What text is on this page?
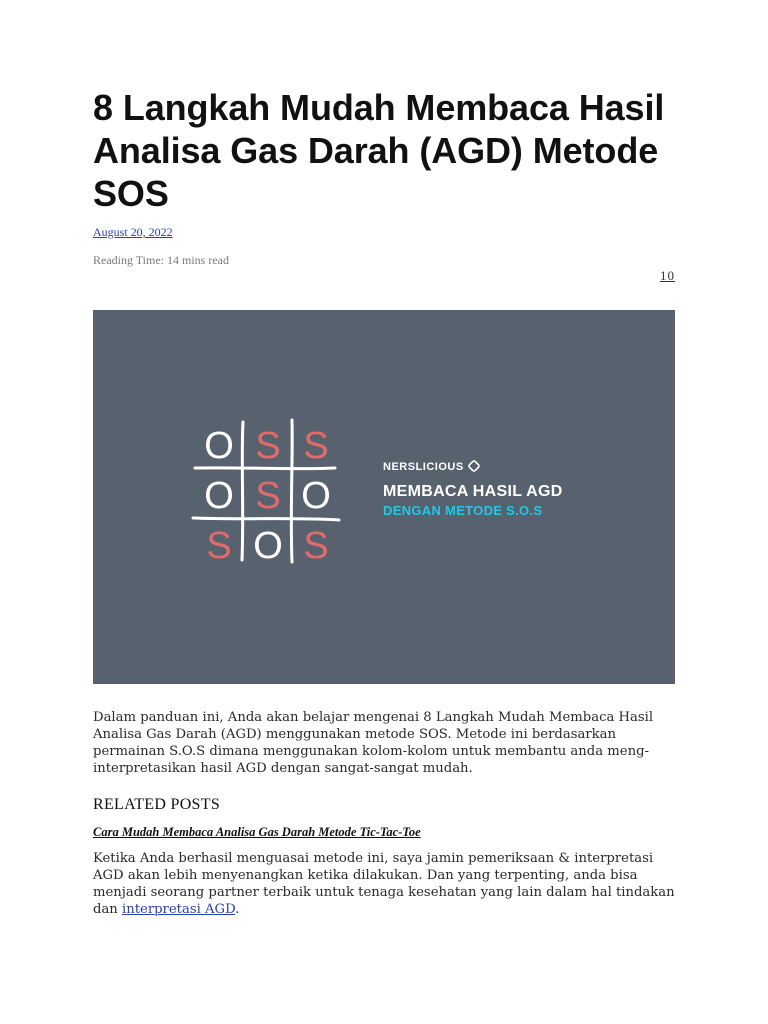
8 Langkah Mudah Membaca Hasil Analisa Gas Darah (AGD) Metode SOS
August 20, 2022
Reading Time: 14 mins read
10
O S S
O S O
S O S
NERSLICIOUS
MEMBACA HASIL AGD
DENGAN METODE S.O.S

Dalam panduan ini, Anda akan belajar mengenai 8 Langkah Mudah Membaca Hasil Analisa Gas Darah (AGD) menggunakan metode SOS. Metode ini berdasarkan permainan S.O.S dimana menggunakan kolom-kolom untuk membantu anda meng-interpretasikan hasil AGD dengan sangat-sangat mudah.

RELATED POSTS
Cara Mudah Membaca Analisa Gas Darah Metode Tic-Tac-Toe

Ketika Anda berhasil menguasai metode ini, saya jamin pemeriksaan & interpretasi AGD akan lebih menyenangkan ketika dilakukan. Dan yang terpenting, anda bisa menjadi seorang partner terbaik untuk tenaga kesehatan yang lain dalam hal tindakan dan interpretasi AGD.
